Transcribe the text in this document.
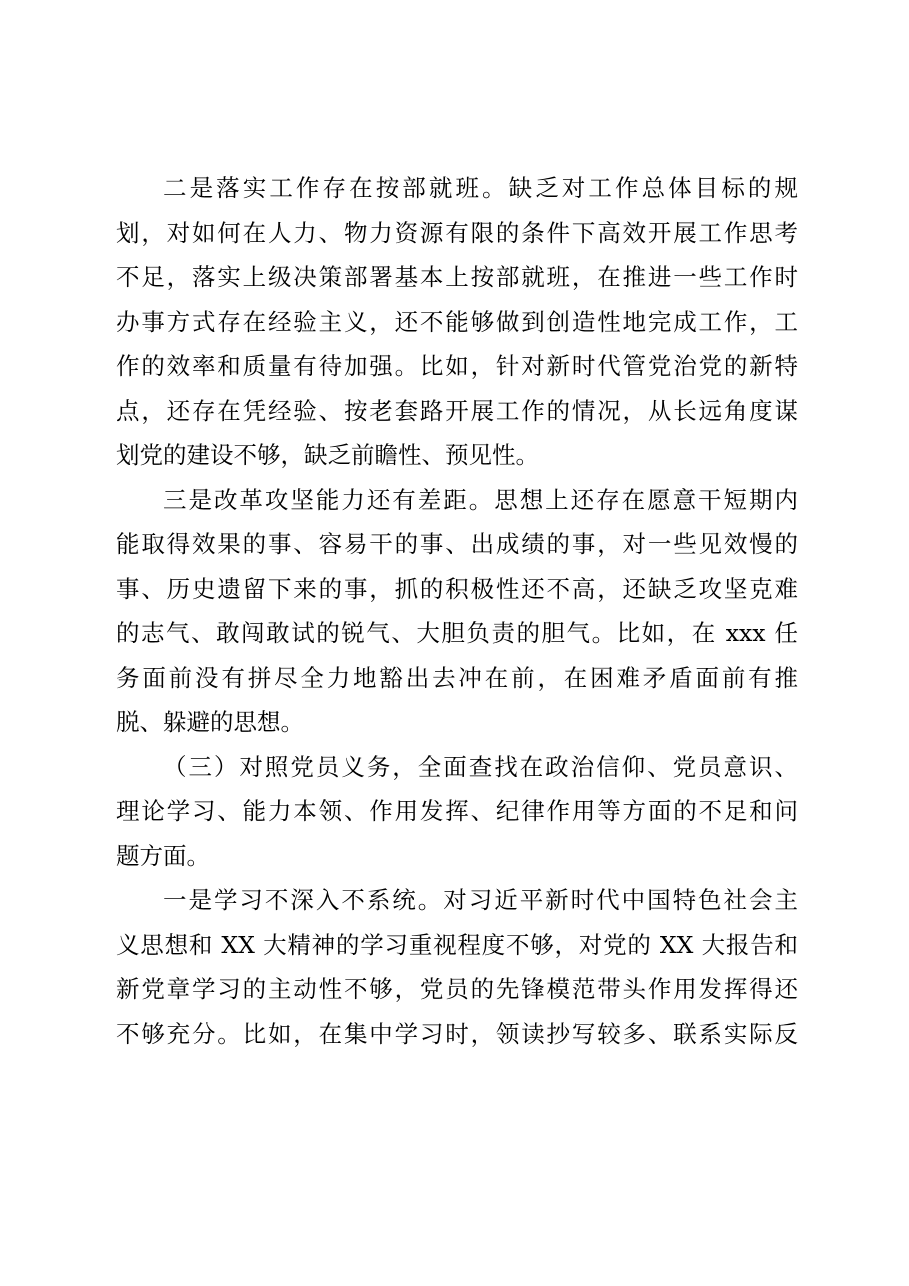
二是落实工作存在按部就班。缺乏对工作总体目标的规
划，对如何在人力、物力资源有限的条件下高效开展工作思考
不足，落实上级决策部署基本上按部就班，在推进一些工作时
办事方式存在经验主义，还不能够做到创造性地完成工作，工
作的效率和质量有待加强。比如，针对新时代管党治党的新特
点，还存在凭经验、按老套路开展工作的情况，从长远角度谋
划党的建设不够，缺乏前瞻性、预见性。
三是改革攻坚能力还有差距。思想上还存在愿意干短期内
能取得效果的事、容易干的事、出成绩的事，对一些见效慢的
事、历史遗留下来的事，抓的积极性还不高，还缺乏攻坚克难
的志气、敢闯敢试的锐气、大胆负责的胆气。比如，在 xxx 任
务面前没有拼尽全力地豁出去冲在前，在困难矛盾面前有推
脱、躲避的思想。
（三）对照党员义务，全面查找在政治信仰、党员意识、
理论学习、能力本领、作用发挥、纪律作用等方面的不足和问
题方面。
一是学习不深入不系统。对习近平新时代中国特色社会主
义思想和 XX 大精神的学习重视程度不够，对党的 XX 大报告和
新党章学习的主动性不够，党员的先锋模范带头作用发挥得还
不够充分。比如，在集中学习时，领读抄写较多、联系实际反
